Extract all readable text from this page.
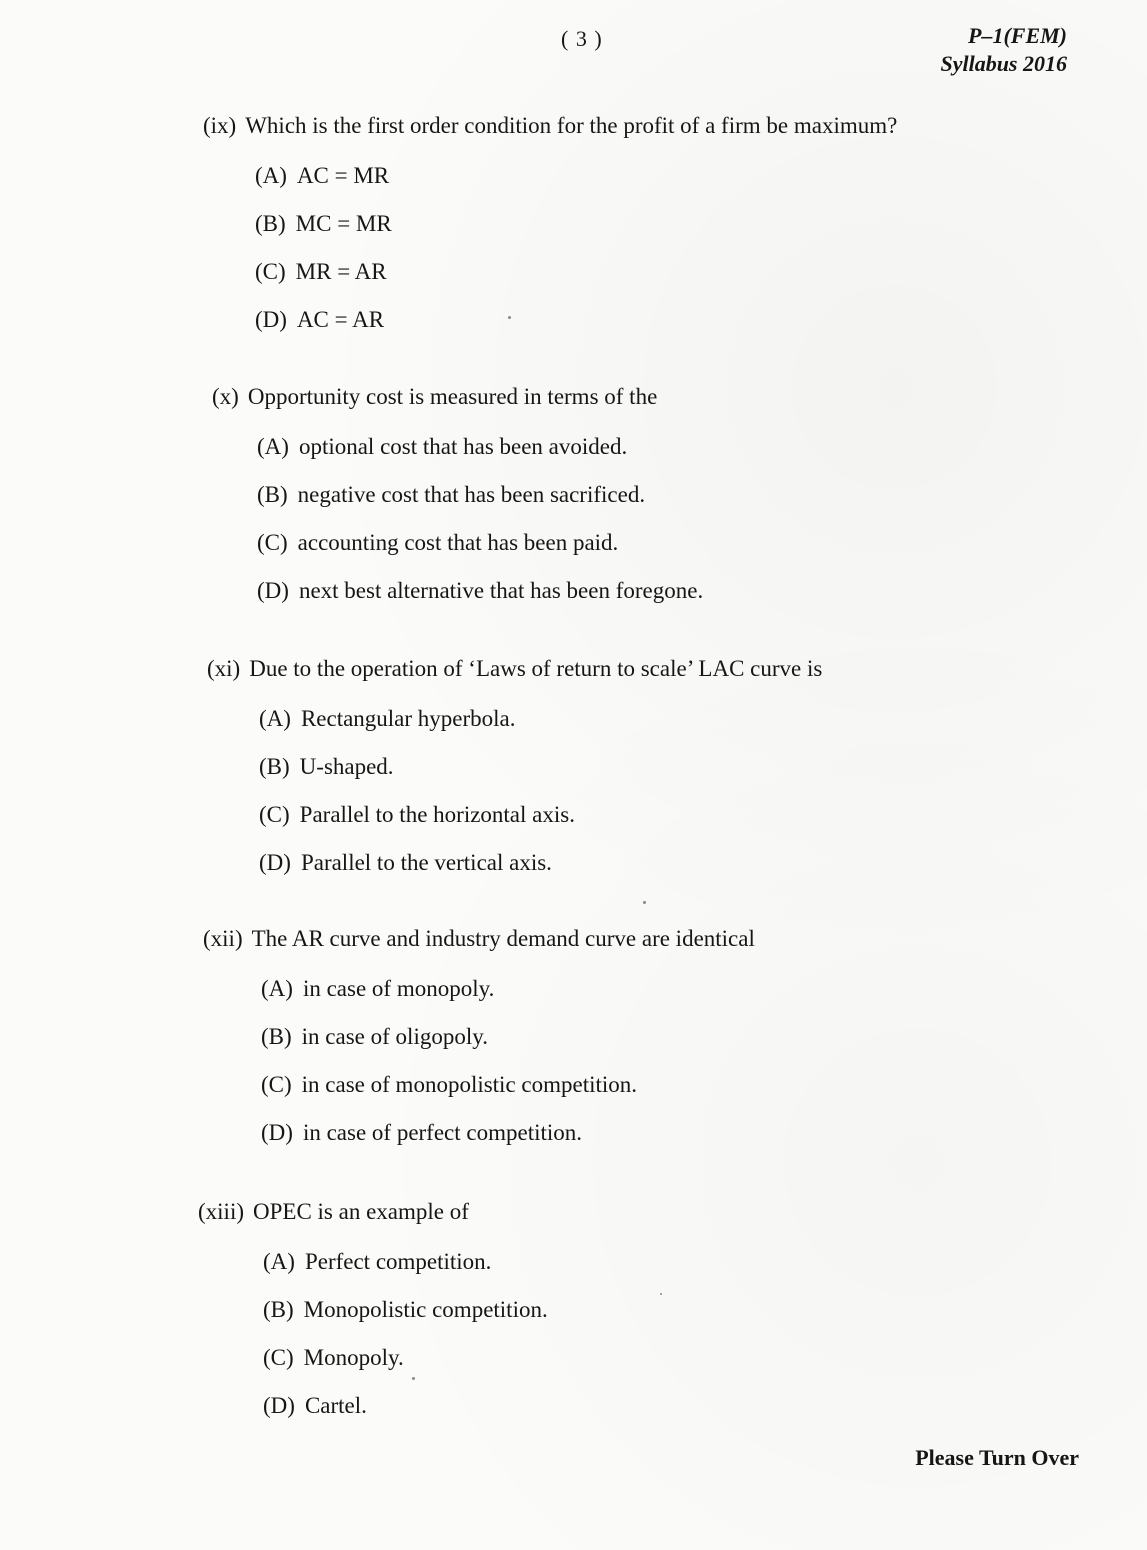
( 3 )	P–1(FEM)
Syllabus 2016
(ix) Which is the first order condition for the profit of a firm be maximum?
(A) AC = MR
(B) MC = MR
(C) MR = AR
(D) AC = AR
(x) Opportunity cost is measured in terms of the
(A) optional cost that has been avoided.
(B) negative cost that has been sacrificed.
(C) accounting cost that has been paid.
(D) next best alternative that has been foregone.
(xi) Due to the operation of ‘Laws of return to scale’ LAC curve is
(A) Rectangular hyperbola.
(B) U-shaped.
(C) Parallel to the horizontal axis.
(D) Parallel to the vertical axis.
(xii) The AR curve and industry demand curve are identical
(A) in case of monopoly.
(B) in case of oligopoly.
(C) in case of monopolistic competition.
(D) in case of perfect competition.
(xiii) OPEC is an example of
(A) Perfect competition.
(B) Monopolistic competition.
(C) Monopoly.
(D) Cartel.
Please Turn Over
